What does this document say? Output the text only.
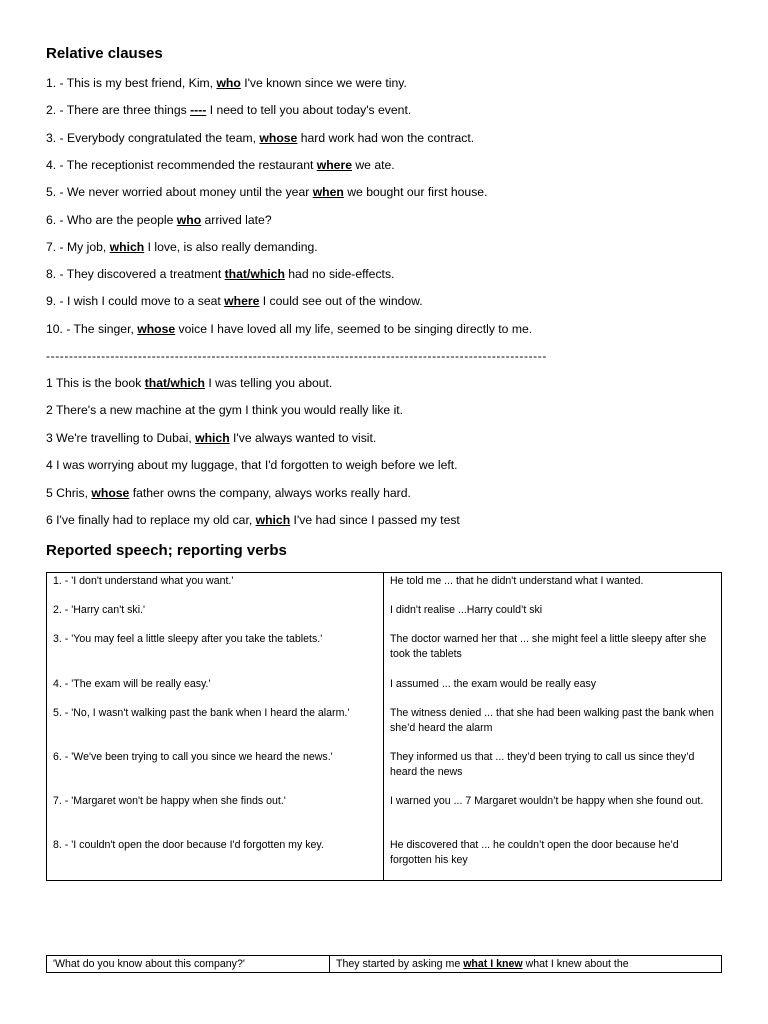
Relative clauses

1. - This is my best friend, Kim, who I've known since we were tiny.

2. - There are three things ---- I need to tell you about today's event.

3. - Everybody congratulated the team, whose hard work had won the contract.

4. - The receptionist recommended the restaurant where we ate.

5. - We never worried about money until the year when we bought our first house.

6. - Who are the people who arrived late?

7. - My job, which I love, is also really demanding.

8. - They discovered a treatment that/which had no side-effects.

9. - I wish I could move to a seat where I could see out of the window.

10. - The singer, whose voice I have loved all my life, seemed to be singing directly to me.

-------------------------------------------------------------------------------------------------------------

1 This is the book that/which I was telling you about.

2 There's a new machine at the gym I think you would really like it.

3 We're travelling to Dubai, which I've always wanted to visit.

4 I was worrying about my luggage, that I'd forgotten to weigh before we left.

5 Chris, whose father owns the company, always works really hard.

6 I've finally had to replace my old car, which I've had since I passed my test

Reported speech; reporting verbs
1. - 'I don't understand what you want.'	He told me ... that he didn't understand what I wanted.
2. - 'Harry can't ski.'	I didn't realise ...Harry could’t ski
3. - 'You may feel a little sleepy after you take the tablets.'	The doctor warned her that ... she might feel a little sleepy after she took the tablets
4. - 'The exam will be really easy.'	I assumed ... the exam would be really easy
5. - 'No, I wasn't walking past the bank when I heard the alarm.'	The witness denied ... that she had been walking past the bank when she’d heard the alarm
6. - 'We've been trying to call you since we heard the news.'	They informed us that ... they’d been trying to call us since they’d heard the news
7. - 'Margaret won't be happy when she finds out.'	I warned you ... 7 Margaret wouldn’t be happy when she found out.
8. - 'I couldn't open the door because I'd forgotten my key.	He discovered that ... he couldn’t open the door because he’d forgotten his key
'What do you know about this company?'	They started by asking me what I knew what I knew about the
